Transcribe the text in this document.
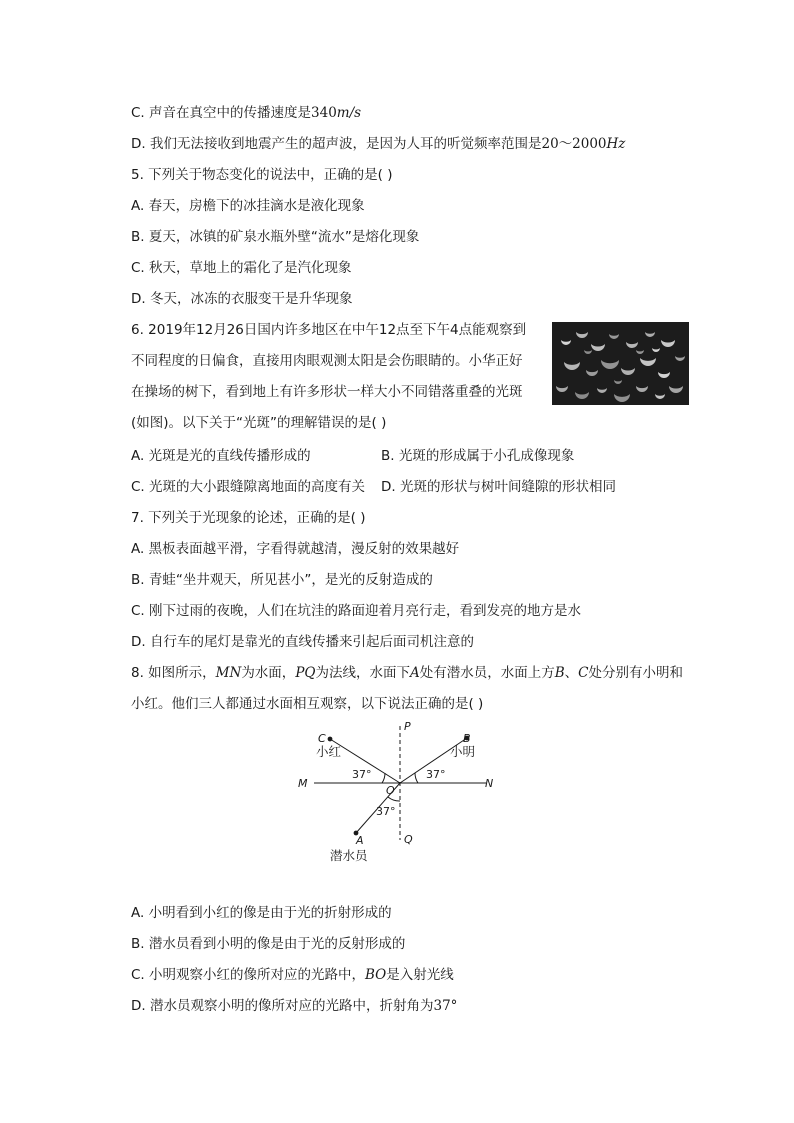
C. 声音在真空中的传播速度是340m/s
D. 我们无法接收到地震产生的超声波，是因为人耳的听觉频率范围是20～2000Hz
5. 下列关于物态变化的说法中，正确的是( )
A. 春天，房檐下的冰挂滴水是液化现象
B. 夏天，冰镇的矿泉水瓶外壁“流水”是熔化现象
C. 秋天，草地上的霜化了是汽化现象
D. 冬天，冰冻的衣服变干是升华现象
6. 2019年12月26日国内许多地区在中午12点至下午4点能观察到
不同程度的日偏食，直接用肉眼观测太阳是会伤眼睛的。小华正好
在操场的树下，看到地上有许多形状一样大小不同错落重叠的光斑
(如图)。以下关于“光斑”的理解错误的是( )
A. 光斑是光的直线传播形成的	B. 光斑的形成属于小孔成像现象
C. 光斑的大小跟缝隙离地面的高度有关 D. 光斑的形状与树叶间缝隙的形状相同
7. 下列关于光现象的论述，正确的是( )
A. 黑板表面越平滑，字看得就越清，漫反射的效果越好
B. 青蛙“坐井观天，所见甚小”，是光的反射造成的
C. 刚下过雨的夜晚，人们在坑洼的路面迎着月亮行走，看到发亮的地方是水
D. 自行车的尾灯是靠光的直线传播来引起后面司机注意的
8. 如图所示，MN为水面，PQ为法线，水面下A处有潜水员，水面上方B、C处分别有小明和
小红。他们三人都通过水面相互观察，以下说法正确的是( )
P
Q
M	N
O
C	B
A
小红	小明
潜水员
37°	37°
37°
A. 小明看到小红的像是由于光的折射形成的
B. 潜水员看到小明的像是由于光的反射形成的
C. 小明观察小红的像所对应的光路中，BO是入射光线
D. 潜水员观察小明的像所对应的光路中，折射角为37°
